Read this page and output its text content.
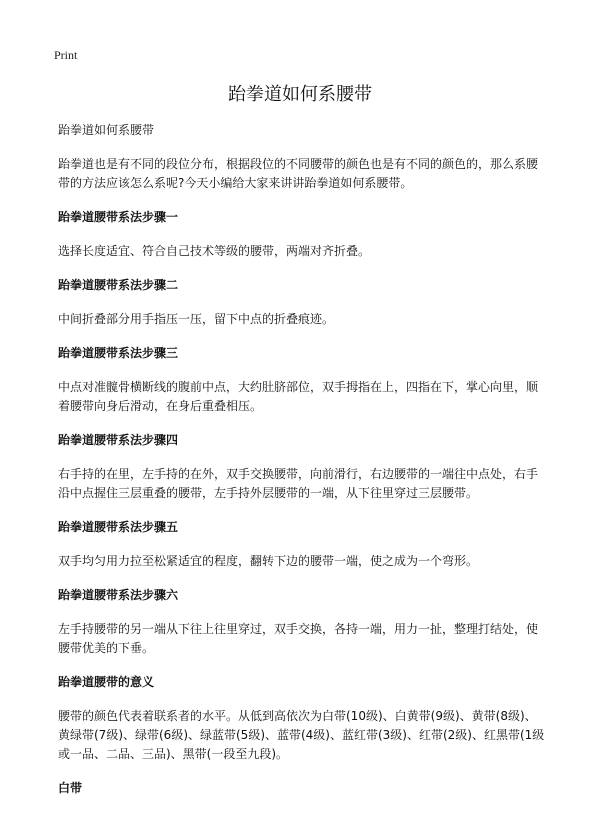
Print
跆拳道如何系腰带

跆拳道如何系腰带

跆拳道也是有不同的段位分布，根据段位的不同腰带的颜色也是有不同的颜色的，那么系腰带的方法应该怎么系呢?今天小编给大家来讲讲跆拳道如何系腰带。

跆拳道腰带系法步骤一

选择长度适宜、符合自己技术等级的腰带，两端对齐折叠。

跆拳道腰带系法步骤二

中间折叠部分用手指压一压，留下中点的折叠痕迹。

跆拳道腰带系法步骤三

中点对准髋骨横断线的腹前中点，大约肚脐部位，双手拇指在上，四指在下，掌心向里，顺着腰带向身后滑动，在身后重叠相压。

跆拳道腰带系法步骤四

右手持的在里，左手持的在外，双手交换腰带，向前滑行，右边腰带的一端往中点处，右手沿中点握住三层重叠的腰带，左手持外层腰带的一端，从下往里穿过三层腰带。

跆拳道腰带系法步骤五

双手均匀用力拉至松紧适宜的程度，翻转下边的腰带一端，使之成为一个弯形。

跆拳道腰带系法步骤六

左手持腰带的另一端从下往上往里穿过，双手交换，各持一端，用力一扯，整理打结处，使腰带优美的下垂。

跆拳道腰带的意义

腰带的颜色代表着联系者的水平。从低到高依次为白带(10级)、白黄带(9级)、黄带(8级)、黄绿带(7级)、绿带(6级)、绿蓝带(5级)、蓝带(4级)、蓝红带(3级)、红带(2级)、红黑带(1级或一品、二品、三品)、黑带(一段至九段)。

白带
